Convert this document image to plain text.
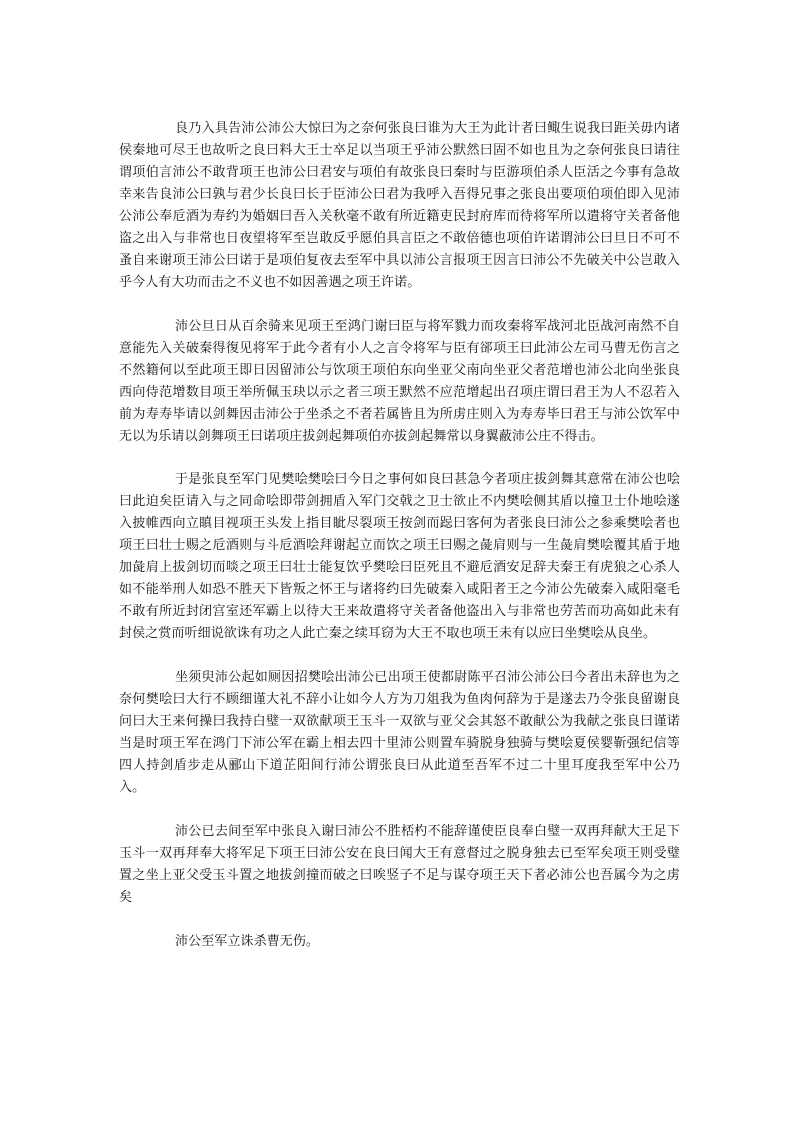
良乃入具告沛公沛公大惊曰为之奈何张良曰谁为大王为此计者曰鲰生说我曰距关毋内诸侯秦地可尽王也故听之良曰料大王士卒足以当项王乎沛公默然曰固不如也且为之奈何张良曰请往谓项伯言沛公不敢背项王也沛公曰君安与项伯有故张良曰秦时与臣游项伯杀人臣活之今事有急故幸来告良沛公曰孰与君少长良曰长于臣沛公曰君为我呼入吾得兄事之张良出要项伯项伯即入见沛公沛公奉卮酒为寿约为婚姻曰吾入关秋毫不敢有所近籍吏民封府库而待将军所以遣将守关者备他盗之出入与非常也日夜望将军至岂敢反乎愿伯具言臣之不敢倍德也项伯许诺谓沛公曰旦日不可不蚤自来谢项王沛公曰诺于是项伯复夜去至军中具以沛公言报项王因言曰沛公不先破关中公岂敢入乎今人有大功而击之不义也不如因善遇之项王许诺。

沛公旦日从百余骑来见项王至鸿门谢曰臣与将军戮力而攻秦将军战河北臣战河南然不自意能先入关破秦得復见将军于此今者有小人之言令将军与臣有郤项王曰此沛公左司马曹无伤言之不然籍何以至此项王即日因留沛公与饮项王项伯东向坐亚父南向坐亚父者范增也沛公北向坐张良西向侍范增数目项王举所佩玉玦以示之者三项王默然不应范增起出召项庄谓曰君王为人不忍若入前为寿寿毕请以剑舞因击沛公于坐杀之不者若属皆且为所虏庄则入为寿寿毕曰君王与沛公饮军中无以为乐请以剑舞项王曰诺项庄拔剑起舞项伯亦拔剑起舞常以身翼蔽沛公庄不得击。

于是张良至军门见樊哙樊哙曰今日之事何如良曰甚急今者项庄拔剑舞其意常在沛公也哙曰此迫矣臣请入与之同命哙即带剑拥盾入军门交戟之卫士欲止不内樊哙侧其盾以撞卫士仆地哙遂入披帷西向立瞋目视项王头发上指目眦尽裂项王按剑而跽曰客何为者张良曰沛公之参乘樊哙者也项王曰壮士赐之卮酒则与斗卮酒哙拜谢起立而饮之项王曰赐之彘肩则与一生彘肩樊哙覆其盾于地加彘肩上拔剑切而啖之项王曰壮士能复饮乎樊哙曰臣死且不避卮酒安足辞夫秦王有虎狼之心杀人如不能举刑人如恐不胜天下皆叛之怀王与诸将约曰先破秦入咸阳者王之今沛公先破秦入咸阳毫毛不敢有所近封闭宫室还军霸上以待大王来故遣将守关者备他盗出入与非常也劳苦而功高如此未有封侯之赏而听细说欲诛有功之人此亡秦之续耳窃为大王不取也项王未有以应曰坐樊哙从良坐。

坐须臾沛公起如厕因招樊哙出沛公已出项王使都尉陈平召沛公沛公曰今者出未辞也为之奈何樊哙曰大行不顾细谨大礼不辞小让如今人方为刀俎我为鱼肉何辞为于是遂去乃令张良留谢良问曰大王来何操曰我持白璧一双欲献项王玉斗一双欲与亚父会其怒不敢献公为我献之张良曰谨诺当是时项王军在鸿门下沛公军在霸上相去四十里沛公则置车骑脱身独骑与樊哙夏侯婴靳强纪信等四人持剑盾步走从郦山下道芷阳间行沛公谓张良曰从此道至吾军不过二十里耳度我至军中公乃入。

沛公已去间至军中张良入谢曰沛公不胜桮杓不能辞谨使臣良奉白璧一双再拜献大王足下玉斗一双再拜奉大将军足下项王曰沛公安在良曰闻大王有意督过之脱身独去已至军矣项王则受璧置之坐上亚父受玉斗置之地拔剑撞而破之曰唉竖子不足与谋夺项王天下者必沛公也吾属今为之虏矣

沛公至军立诛杀曹无伤。
